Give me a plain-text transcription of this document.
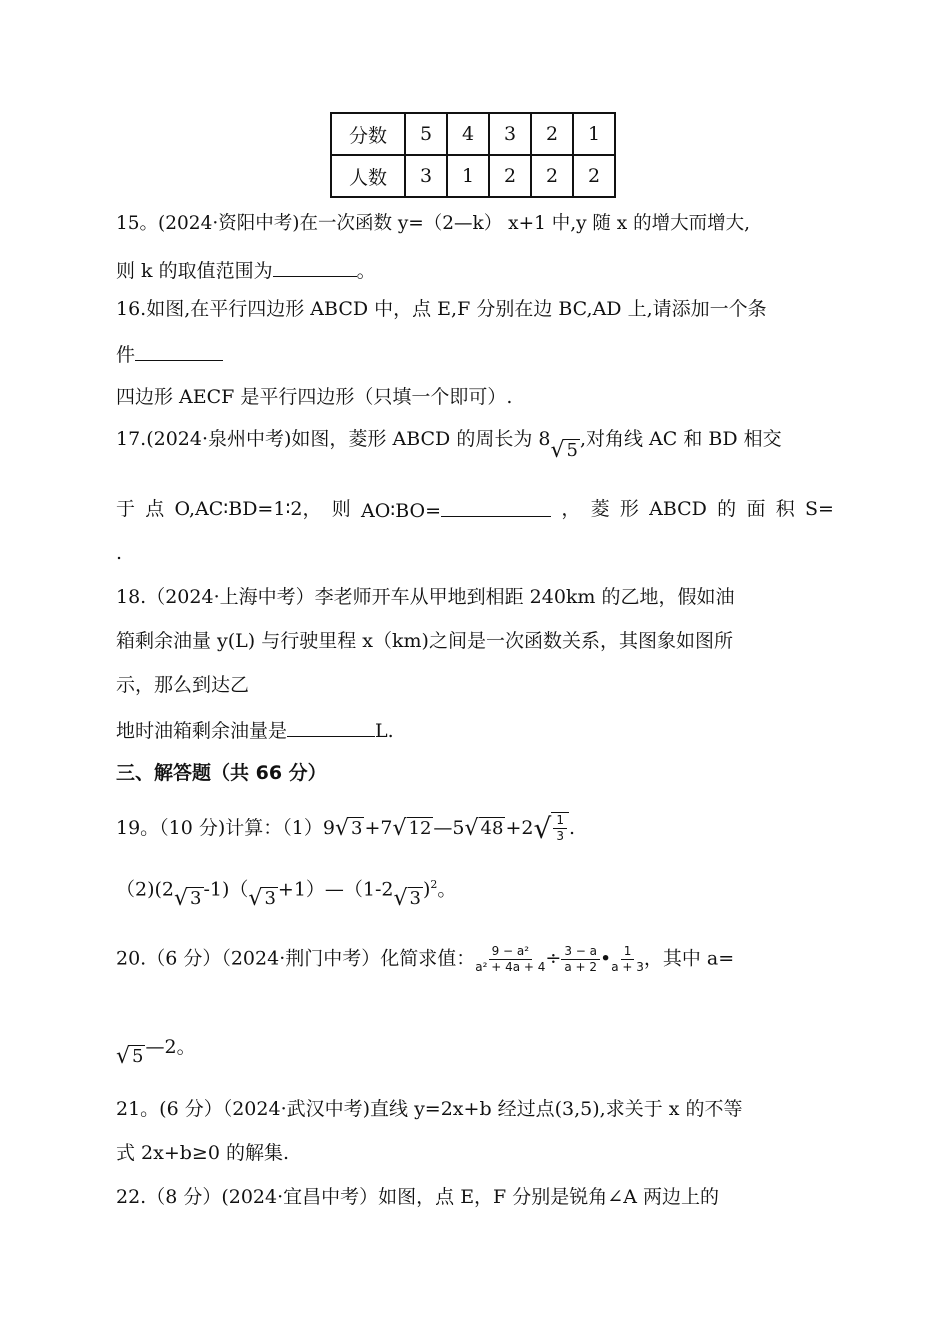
分数	5	4	3	2	1
人数	3	1	2	2	2
15。(2024·资阳中考)在一次函数 y=（2—k） x+1 中,y 随 x 的增大而增大,
则 k 的取值范围为	。
16.如图,在平行四边形 ABCD 中，点 E,F 分别在边 BC,AD 上,请添加一个条
件
四边形 AECF 是平行四边形（只填一个即可）.
17.(2024·泉州中考)如图，菱形 ABCD 的周长为 8 √ 5
,对角线 AC 和 BD 相交
于 点 O,AC∶BD=1∶2， 则 AO∶BO=	， 菱 形 ABCD 的 面 积 S=
.
18.（2024·上海中考）李老师开车从甲地到相距 240km 的乙地，假如油
箱剩余油量 y(L) 与行驶里程 x（km)之间是一次函数关系，其图象如图所
示，那么到达乙
地时油箱剩余油量是	L.
三、解答题（共 66 分）
19。（10 分)计算：（1）9 √ 3 +7 √ 12 —5 √ 48 +2 √ $\frac{1}{3}$ .
（2)(2 √ 3 -1)（ √ 3 +1）—（1-2 √ 3 )$^2$。
20.（6 分）（2024·荆门中考）化简求值： $\frac{\text{9 − a²}}{\text{a² + 4a + 4}} \div \frac{3 - a}{a + 2}$ • $\frac{1}{a + 3}$ ，其中 a=
√ 5 —2。
21。(6 分）（2024·武汉中考)直线 y=2x+b 经过点(3,5),求关于 x 的不等
式 2x+b≥0 的解集.
22.（8 分）(2024·宜昌中考）如图，点 E，F 分别是锐角∠A 两边上的
